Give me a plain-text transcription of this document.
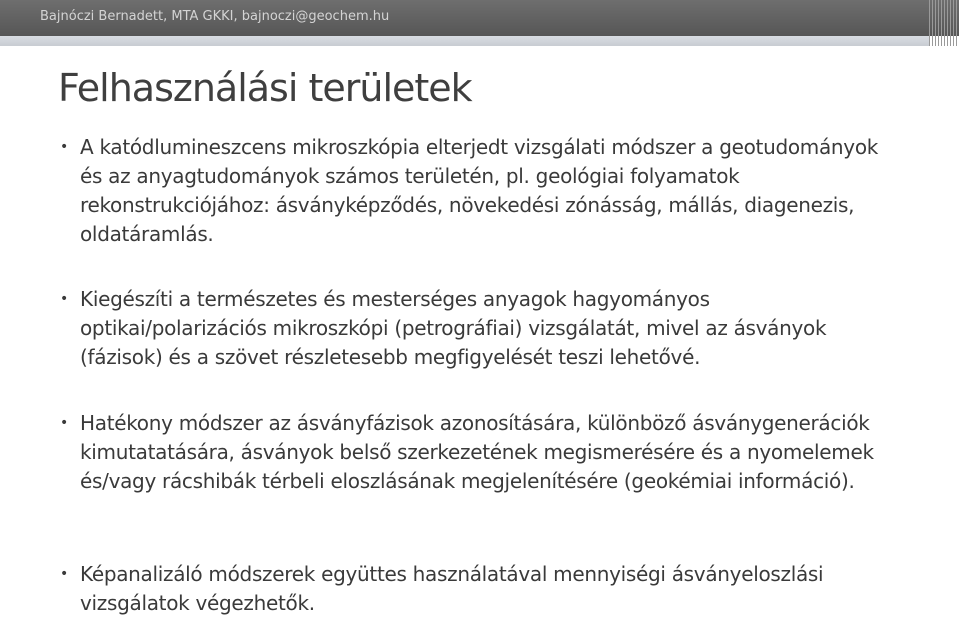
Bajnóczi Bernadett, MTA GKKI, bajnoczi@geochem.hu
Felhasználási területek
• A katódlumineszcens mikroszkópia elterjedt vizsgálati módszer a geotudományok és az anyagtudományok számos területén, pl. geológiai folyamatok rekonstrukciójához: ásványképződés, növekedési zónásság, mállás, diagenezis, oldatáramlás.
• Kiegészíti a természetes és mesterséges anyagok hagyományos optikai/polarizációs mikroszkópi (petrográfiai) vizsgálatát, mivel az ásványok (fázisok) és a szövet részletesebb megfigyelését teszi lehetővé.
• Hatékony módszer az ásványfázisok azonosítására, különböző ásványgenerációk kimutatatására, ásványok belső szerkezetének megismerésére és a nyomelemek és/vagy rácshibák térbeli eloszlásának megjelenítésére (geokémiai információ).
• Képanalizáló módszerek együttes használatával mennyiségi ásványeloszlási vizsgálatok végezhetők.
